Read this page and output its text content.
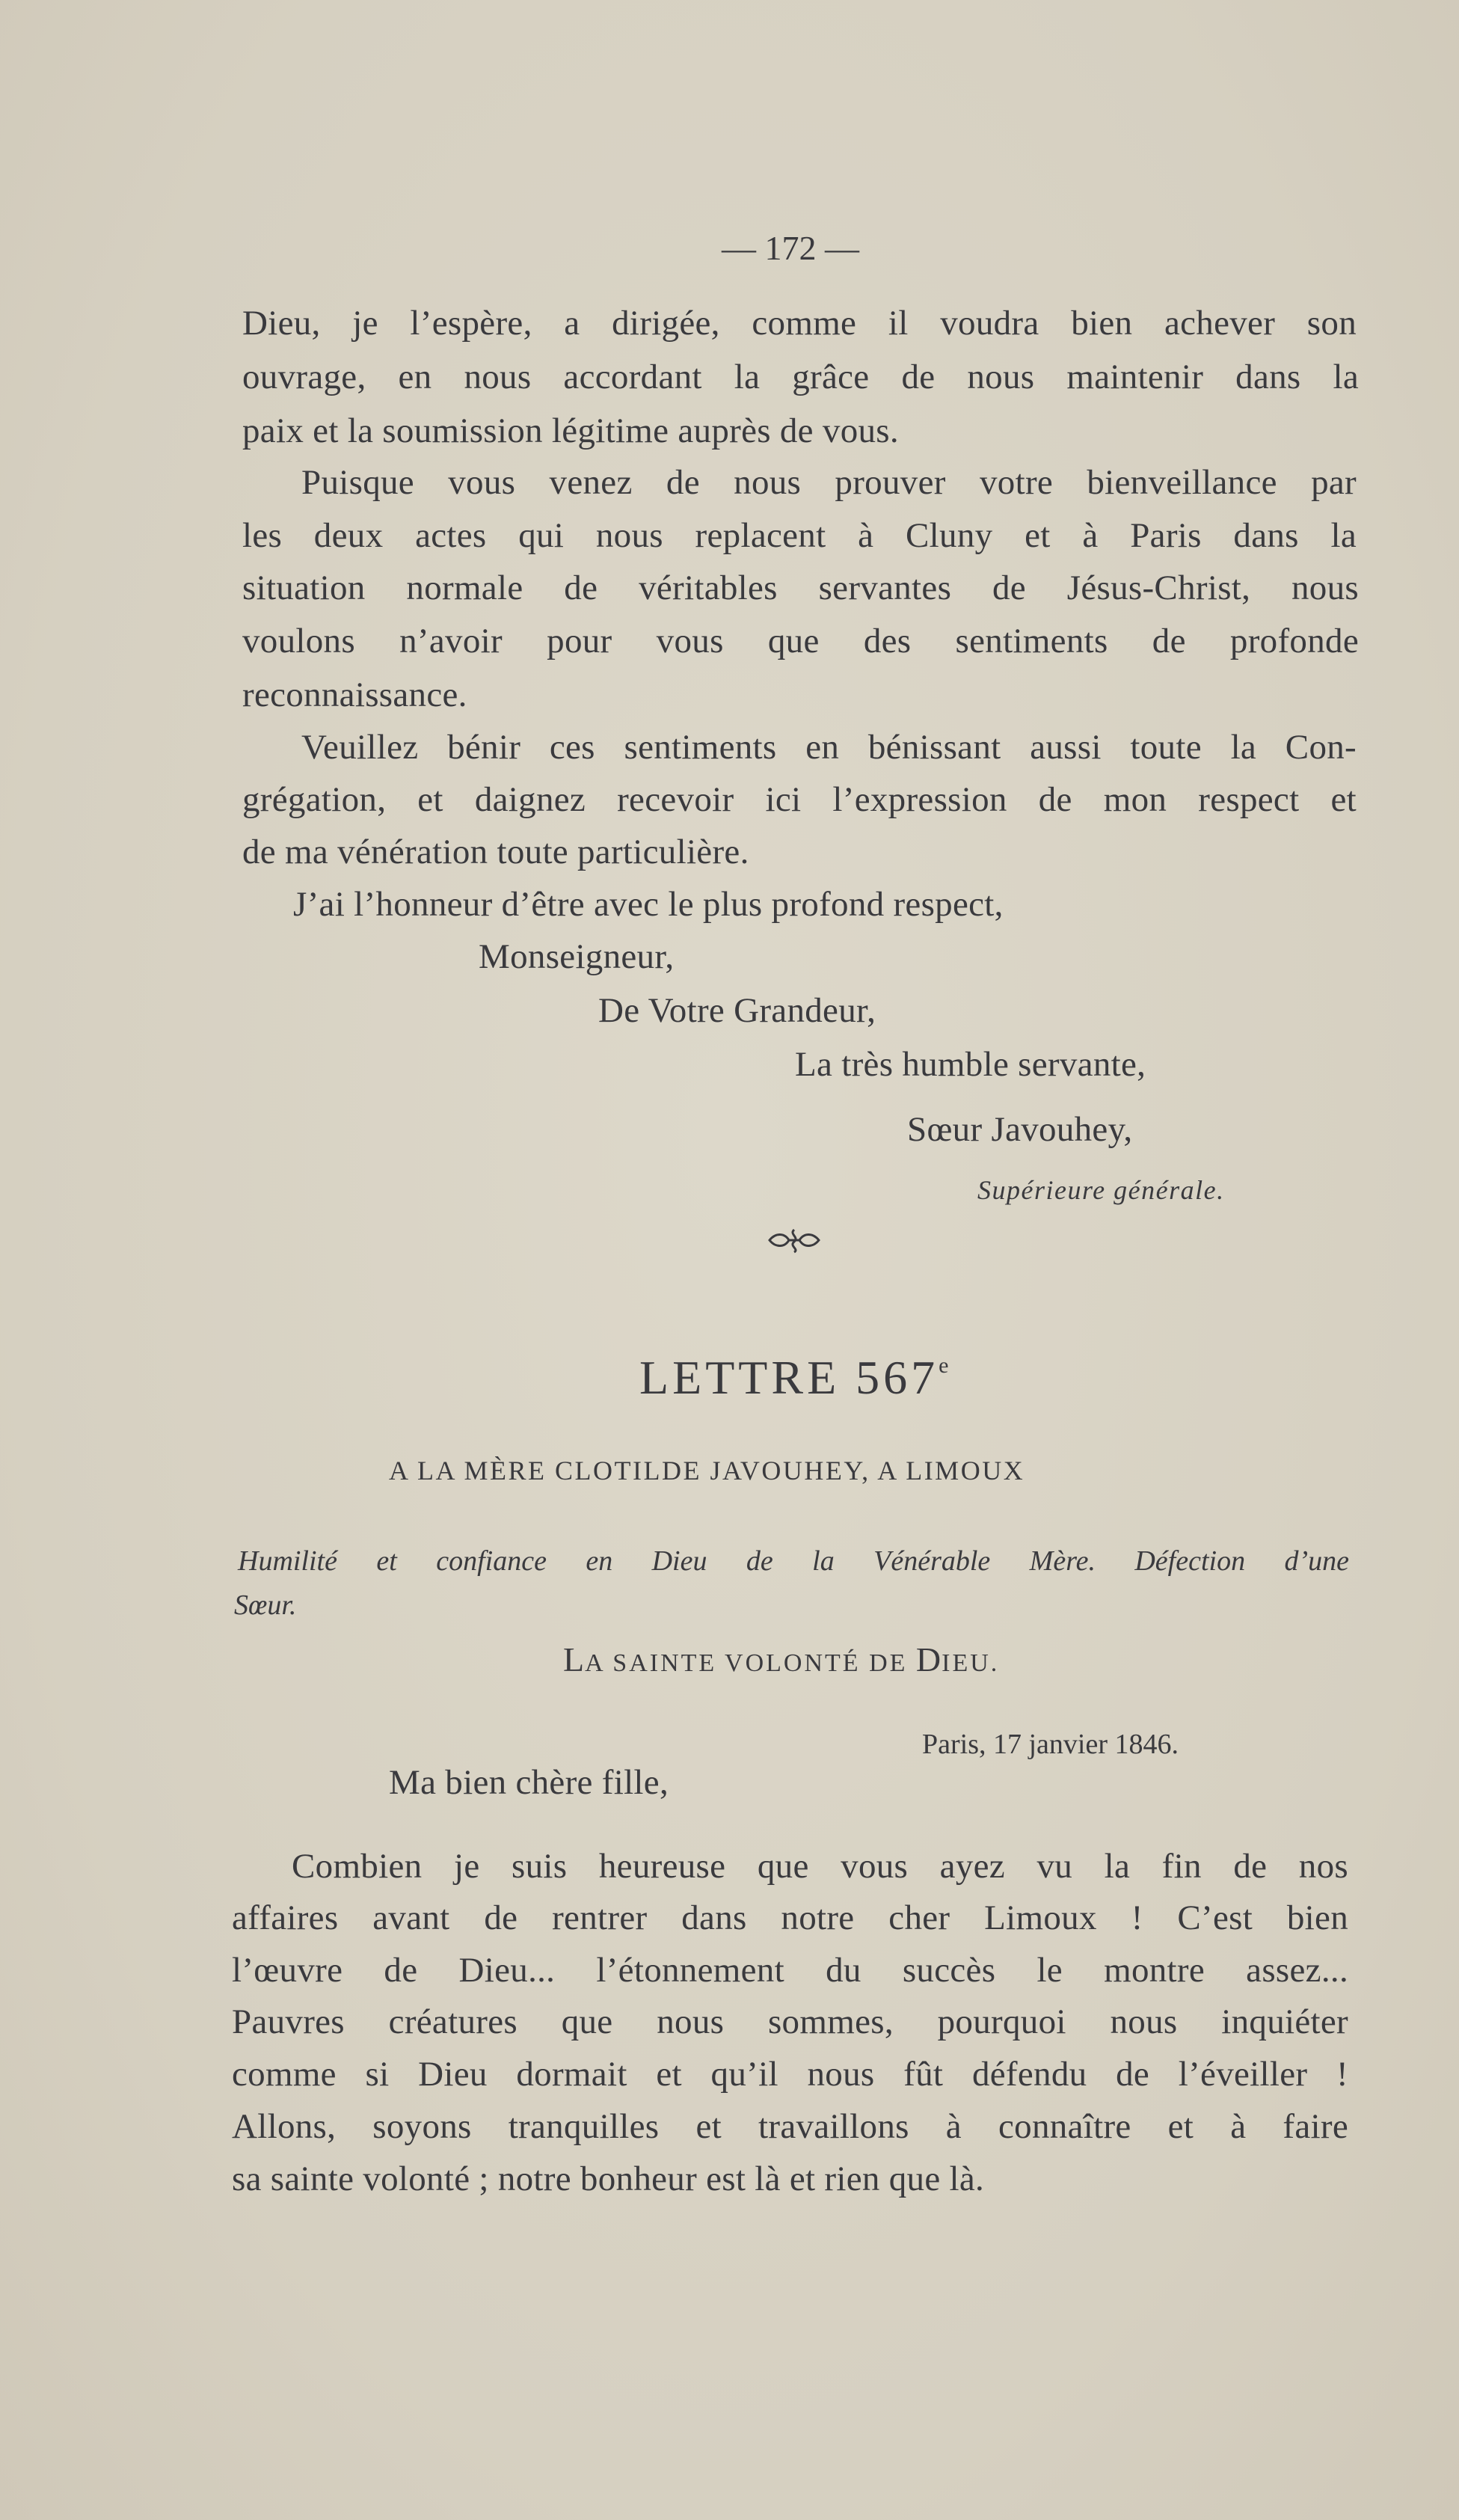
— 172 —
Dieu, je l’espère, a dirigée, comme il voudra bien achever son
ouvrage, en nous accordant la grâce de nous maintenir dans la
paix et la soumission légitime auprès de vous.
Puisque vous venez de nous prouver votre bienveillance par
les deux actes qui nous replacent à Cluny et à Paris dans la
situation normale de véritables servantes de Jésus-Christ, nous
voulons n’avoir pour vous que des sentiments de profonde
reconnaissance.
Veuillez bénir ces sentiments en bénissant aussi toute la Con-
grégation, et daignez recevoir ici l’expression de mon respect et
de ma vénération toute particulière.
J’ai l’honneur d’être avec le plus profond respect,
Monseigneur,
De Votre Grandeur,
La très humble servante,
Sœur Javouhey,
Supérieure générale.
LETTRE 567e
A LA MÈRE CLOTILDE JAVOUHEY, A LIMOUX
Humilité et confiance en Dieu de la Vénérable Mère. Défection d’une
Sœur.
LA SAINTE VOLONTÉ DE DIEU.
Paris, 17 janvier 1846.
Ma bien chère fille,
Combien je suis heureuse que vous ayez vu la fin de nos
affaires avant de rentrer dans notre cher Limoux ! C’est bien
l’œuvre de Dieu... l’étonnement du succès le montre assez...
Pauvres créatures que nous sommes, pourquoi nous inquiéter
comme si Dieu dormait et qu’il nous fût défendu de l’éveiller !
Allons, soyons tranquilles et travaillons à connaître et à faire
sa sainte volonté ; notre bonheur est là et rien que là.
